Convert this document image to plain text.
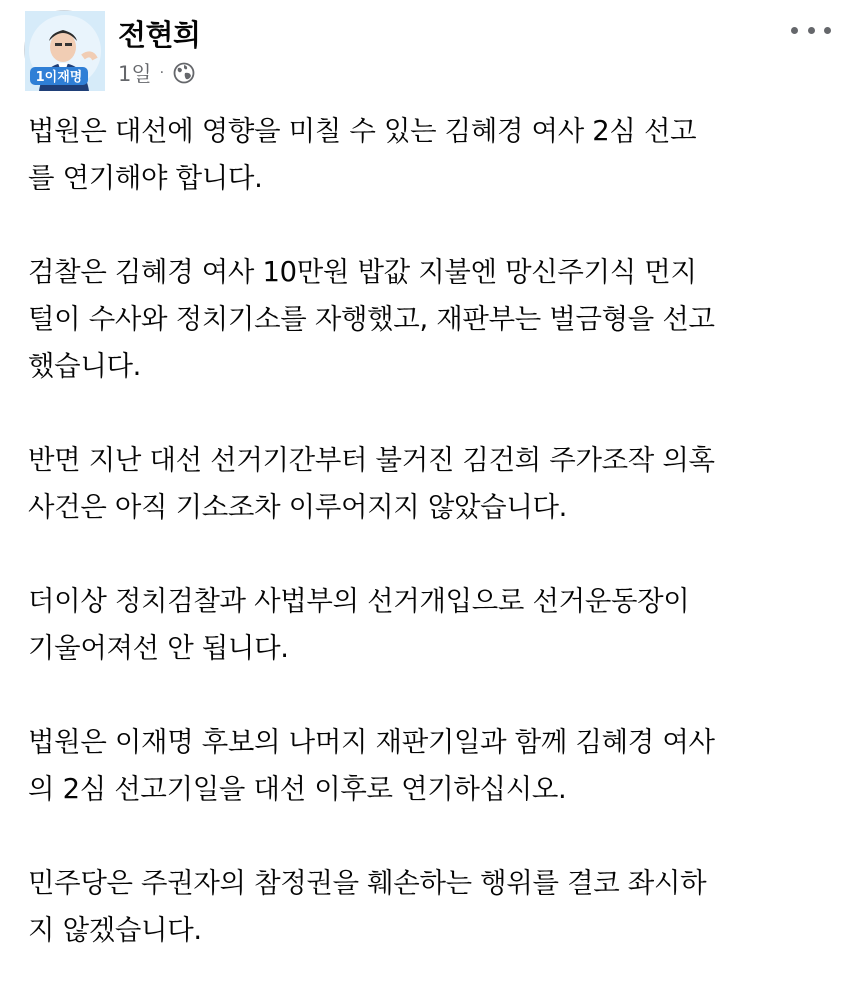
1이재명
전현희
1일 ·
법원은 대선에 영향을 미칠 수 있는 김혜경 여사 2심 선고
를 연기해야 합니다.
검찰은 김혜경 여사 10만원 밥값 지불엔 망신주기식 먼지
털이 수사와 정치기소를 자행했고, 재판부는 벌금형을 선고
했습니다.
반면 지난 대선 선거기간부터 불거진 김건희 주가조작 의혹
사건은 아직 기소조차 이루어지지 않았습니다.
더이상 정치검찰과 사법부의 선거개입으로 선거운동장이
기울어져선 안 됩니다.
법원은 이재명 후보의 나머지 재판기일과 함께 김혜경 여사
의 2심 선고기일을 대선 이후로 연기하십시오.
민주당은 주권자의 참정권을 훼손하는 행위를 결코 좌시하
지 않겠습니다.
